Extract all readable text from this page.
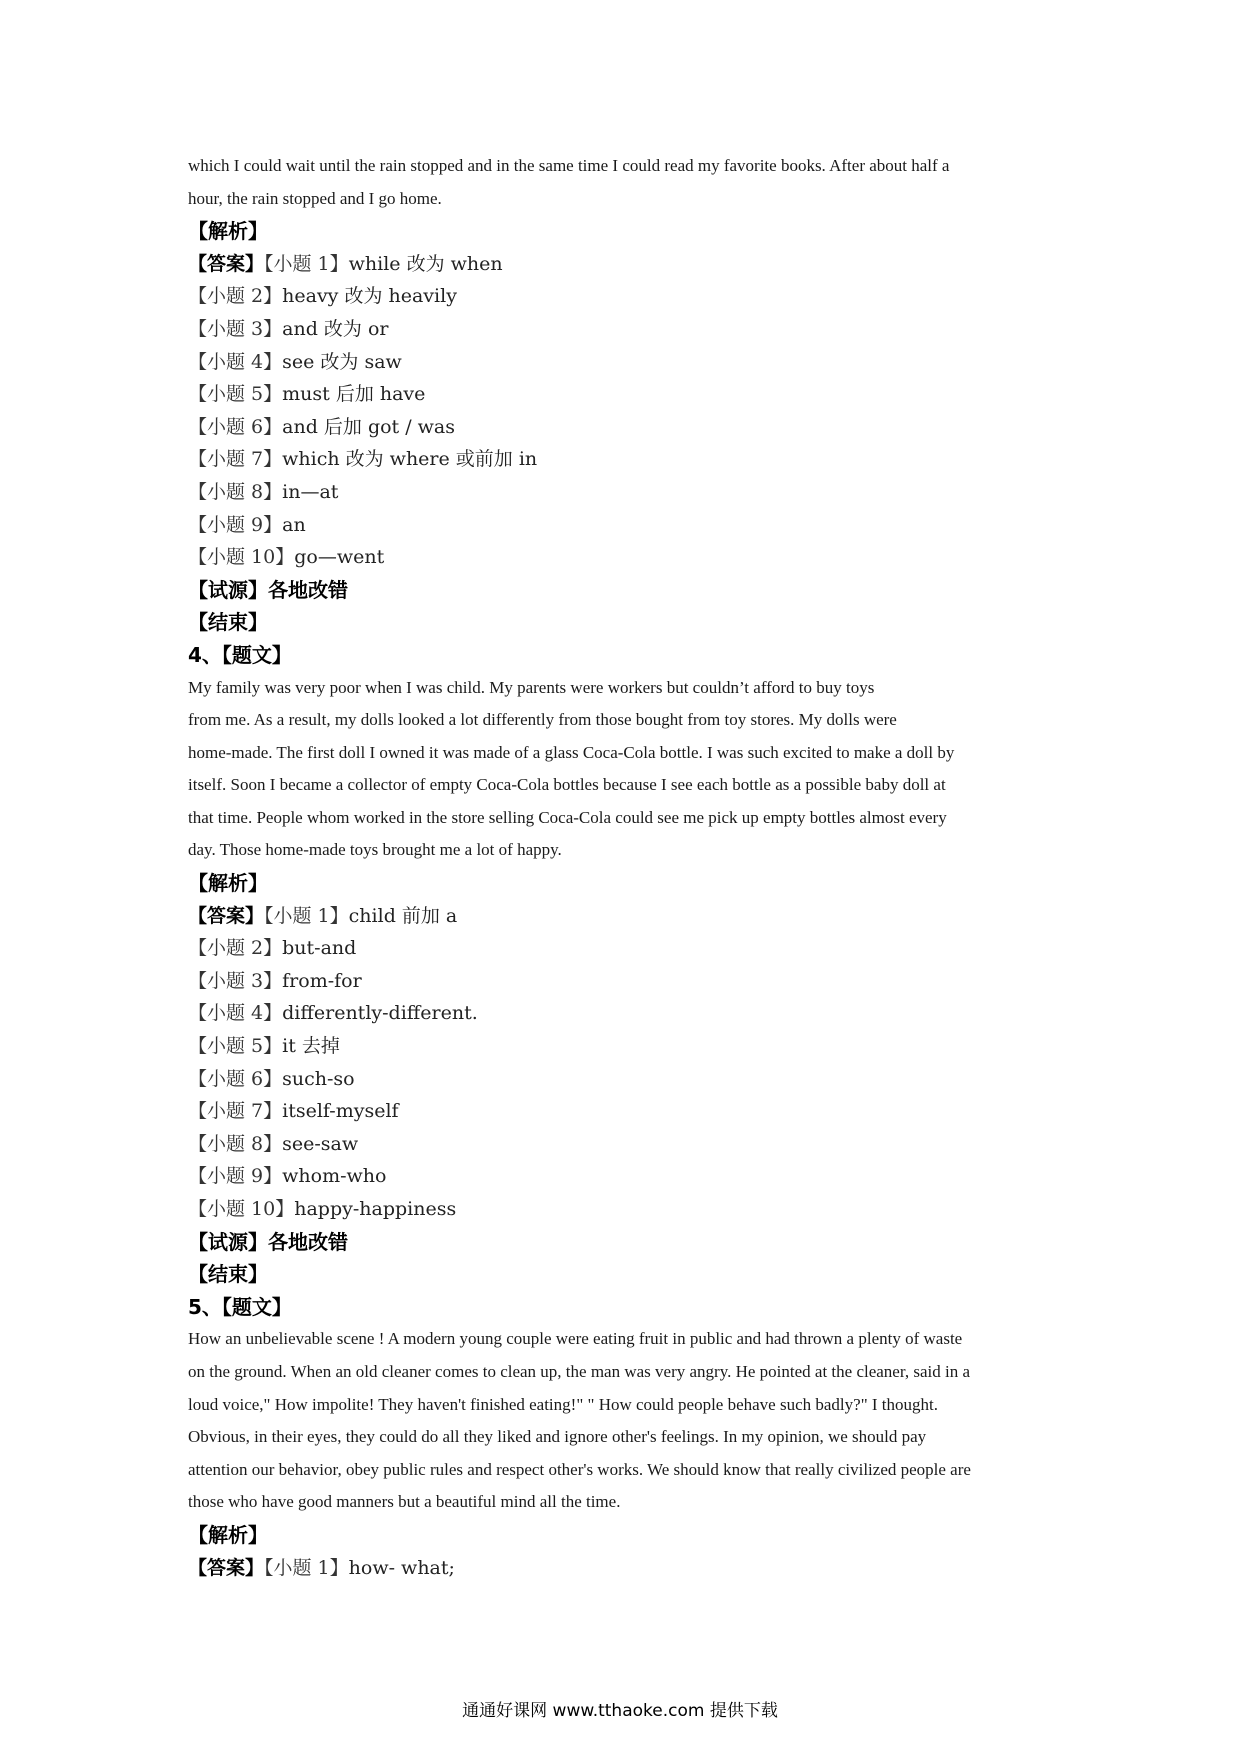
which I could wait until the rain stopped and in the same time I could read my favorite books. After about half a
hour, the rain stopped and I go home.
【解析】
【答案】【小题 1】while 改为 when
【小题 2】heavy 改为 heavily
【小题 3】and 改为 or
【小题 4】see 改为 saw
【小题 5】must 后加 have
【小题 6】and 后加 got / was
【小题 7】which 改为 where 或前加 in
【小题 8】in—at
【小题 9】an
【小题 10】go—went
【试源】各地改错
【结束】
4、【题文】
My family was very poor when I was child. My parents were workers but couldn’t afford to buy toys
from me. As a result, my dolls looked a lot differently from those bought from toy stores. My dolls were
home-made. The first doll I owned it was made of a glass Coca-Cola bottle. I was such excited to make a doll by
itself. Soon I became a collector of empty Coca-Cola bottles because I see each bottle as a possible baby doll at
that time. People whom worked in the store selling Coca-Cola could see me pick up empty bottles almost every
day. Those home-made toys brought me a lot of happy.
【解析】
【答案】【小题 1】child 前加 a
【小题 2】but-and
【小题 3】from-for
【小题 4】differently-different.
【小题 5】it 去掉
【小题 6】such-so
【小题 7】itself-myself
【小题 8】see-saw
【小题 9】whom-who
【小题 10】happy-happiness
【试源】各地改错
【结束】
5、【题文】
How an unbelievable scene ! A modern young couple were eating fruit in public and had thrown a plenty of waste
on the ground. When an old cleaner comes to clean up, the man was very angry. He pointed at the cleaner, said in a
loud voice," How impolite! They haven't finished eating!" " How could people behave such badly?" I thought.
Obvious, in their eyes, they could do all they liked and ignore other's feelings. In my opinion, we should pay
attention our behavior, obey public rules and respect other's works. We should know that really civilized people are
those who have good manners but a beautiful mind all the time.
【解析】
【答案】【小题 1】how- what;
通通好课网 www.tthaoke.com 提供下载
